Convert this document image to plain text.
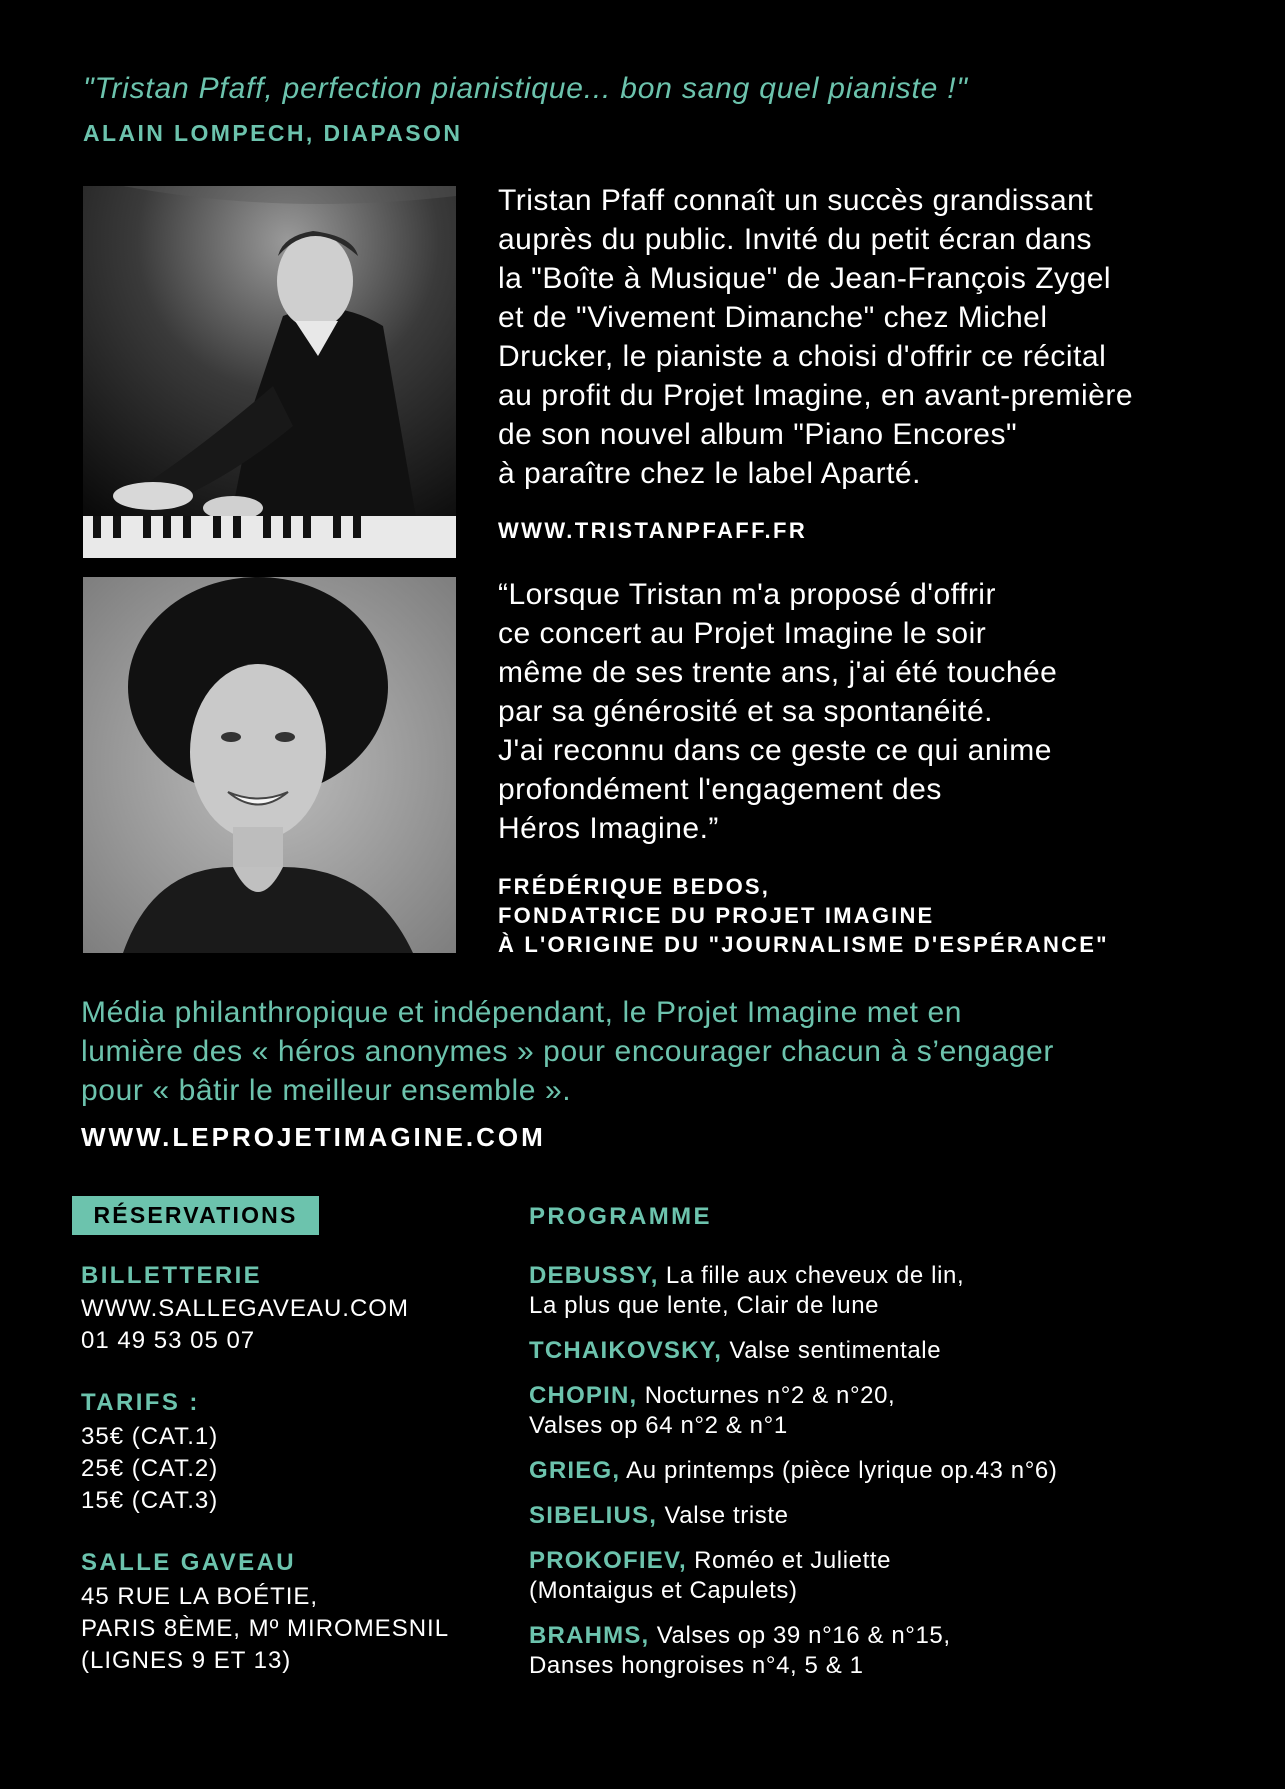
"Tristan Pfaff, perfection pianistique... bon sang quel pianiste !"
ALAIN LOMPECH, DIAPASON
Tristan Pfaff connaît un succès grandissant
auprès du public. Invité du petit écran dans
la "Boîte à Musique" de Jean-François Zygel
et de "Vivement Dimanche" chez Michel
Drucker, le pianiste a choisi d'offrir ce récital
au profit du Projet Imagine, en avant-première
de son nouvel album "Piano Encores"
à paraître chez le label Aparté.
WWW.TRISTANPFAFF.FR
“Lorsque Tristan m'a proposé d'offrir
ce concert au Projet Imagine le soir
même de ses trente ans, j'ai été touchée
par sa générosité et sa spontanéité.
J'ai reconnu dans ce geste ce qui anime
profondément l'engagement des
Héros Imagine.”
FRÉDÉRIQUE BEDOS,
FONDATRICE DU PROJET IMAGINE
À L'ORIGINE DU "JOURNALISME D'ESPÉRANCE"
Média philanthropique et indépendant, le Projet Imagine met en
lumière des « héros anonymes » pour encourager chacun à s’engager
pour « bâtir le meilleur ensemble ».
WWW.LEPROJETIMAGINE.COM
RÉSERVATIONS
BILLETTERIE
WWW.SALLEGAVEAU.COM
01 49 53 05 07
TARIFS :
35€ (CAT.1)
25€ (CAT.2)
15€ (CAT.3)
SALLE GAVEAU
45 RUE LA BOÉTIE,
PARIS 8ÈME, Mº MIROMESNIL
(LIGNES 9 ET 13)
PROGRAMME
DEBUSSY, La fille aux cheveux de lin,
La plus que lente, Clair de lune
TCHAIKOVSKY, Valse sentimentale
CHOPIN, Nocturnes n°2 & n°20,
Valses op 64 n°2 & n°1
GRIEG, Au printemps (pièce lyrique op.43 n°6)
SIBELIUS, Valse triste
PROKOFIEV, Roméo et Juliette
(Montaigus et Capulets)
BRAHMS, Valses op 39 n°16 & n°15,
Danses hongroises n°4, 5 & 1
